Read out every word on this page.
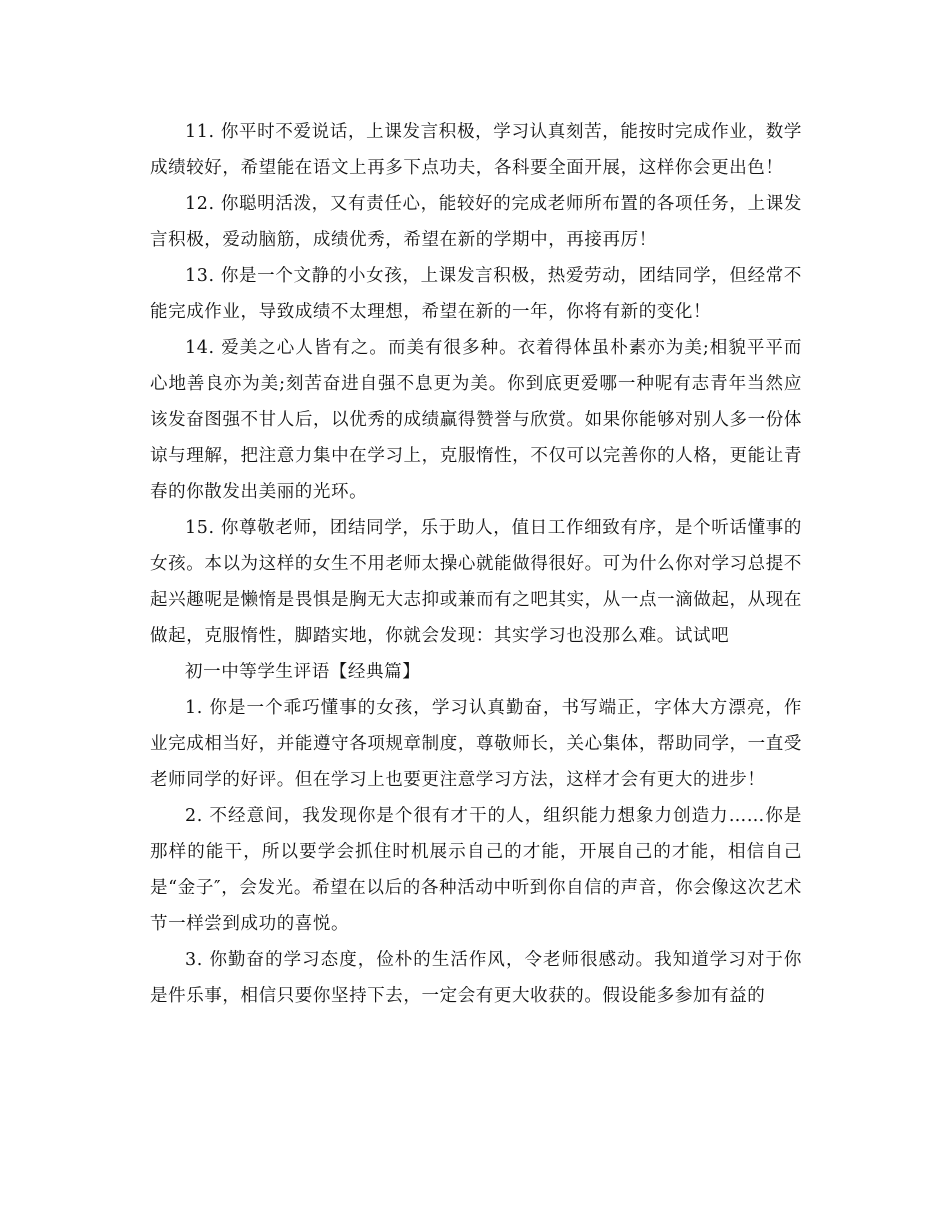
11. 你平时不爱说话，上课发言积极，学习认真刻苦，能按时完成作业，数学成绩较好，希望能在语文上再多下点功夫，各科要全面开展，这样你会更出色！

12. 你聪明活泼，又有责任心，能较好的完成老师所布置的各项任务，上课发言积极，爱动脑筋，成绩优秀，希望在新的学期中，再接再厉！

13. 你是一个文静的小女孩，上课发言积极，热爱劳动，团结同学，但经常不能完成作业，导致成绩不太理想，希望在新的一年，你将有新的变化！

14. 爱美之心人皆有之。而美有很多种。衣着得体虽朴素亦为美;相貌平平而心地善良亦为美;刻苦奋进自强不息更为美。你到底更爱哪一种呢有志青年当然应该发奋图强不甘人后，以优秀的成绩赢得赞誉与欣赏。如果你能够对别人多一份体谅与理解，把注意力集中在学习上，克服惰性，不仅可以完善你的人格，更能让青春的你散发出美丽的光环。

15. 你尊敬老师，团结同学，乐于助人，值日工作细致有序，是个听话懂事的女孩。本以为这样的女生不用老师太操心就能做得很好。可为什么你对学习总提不起兴趣呢是懒惰是畏惧是胸无大志抑或兼而有之吧其实，从一点一滴做起，从现在做起，克服惰性，脚踏实地，你就会发现：其实学习也没那么难。试试吧

初一中等学生评语【经典篇】

1. 你是一个乖巧懂事的女孩，学习认真勤奋，书写端正，字体大方漂亮，作业完成相当好，并能遵守各项规章制度，尊敬师长，关心集体，帮助同学，一直受老师同学的好评。但在学习上也要更注意学习方法，这样才会有更大的进步！

2. 不经意间，我发现你是个很有才干的人，组织能力想象力创造力……你是那样的能干，所以要学会抓住时机展示自己的才能，开展自己的才能，相信自己是“金子″，会发光。希望在以后的各种活动中听到你自信的声音，你会像这次艺术节一样尝到成功的喜悦。

3. 你勤奋的学习态度，俭朴的生活作风，令老师很感动。我知道学习对于你是件乐事，相信只要你坚持下去，一定会有更大收获的。假设能多参加有益的
